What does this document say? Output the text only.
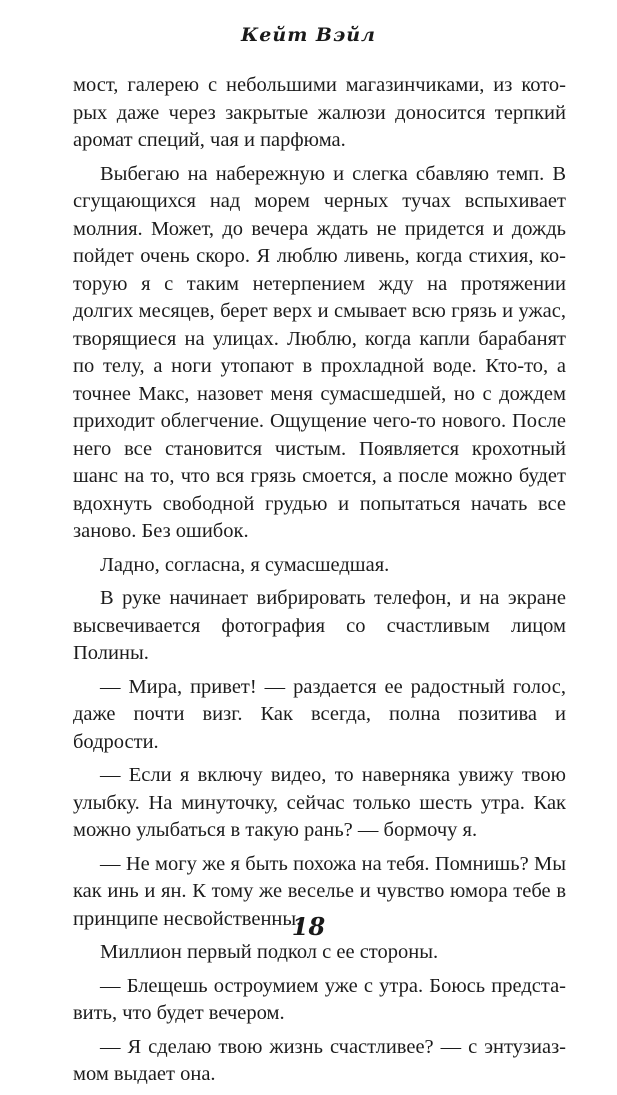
Кейт Вэйл

мост, галерею с небольшими магазинчиками, из которых даже через закрытые жалюзи доносится терпкий аромат специй, чая и парфюма.

Выбегаю на набережную и слегка сбавляю темп. В сгущающихся над морем черных тучах вспыхивает молния. Может, до вечера ждать не придется и дождь пойдет очень скоро. Я люблю ливень, когда стихия, которую я с таким нетерпением жду на протяжении долгих месяцев, берет верх и смывает всю грязь и ужас, творящиеся на улицах. Люблю, когда капли барабанят по телу, а ноги утопают в прохладной воде. Кто-то, а точнее Макс, назовет меня сумасшедшей, но с дождем приходит облегчение. Ощущение чего-то нового. После него все становится чистым. Появляется крохотный шанс на то, что вся грязь смоется, а после можно будет вдохнуть свободной грудью и попытаться начать все заново. Без ошибок.

Ладно, согласна, я сумасшедшая.

В руке начинает вибрировать телефон, и на экране высвечивается фотография со счастливым лицом Полины.

— Мира, привет! — раздается ее радостный голос, даже почти визг. Как всегда, полна позитива и бодрости.

— Если я включу видео, то наверняка увижу твою улыбку. На минуточку, сейчас только шесть утра. Как можно улыбаться в такую рань? — бормочу я.

— Не могу же я быть похожа на тебя. Помнишь? Мы как инь и ян. К тому же веселье и чувство юмора тебе в принципе несвойственны.

Миллион первый подкол с ее стороны.

— Блещешь остроумием уже с утра. Боюсь представить, что будет вечером.

— Я сделаю твою жизнь счастливее? — с энтузиазмом выдает она.

18
